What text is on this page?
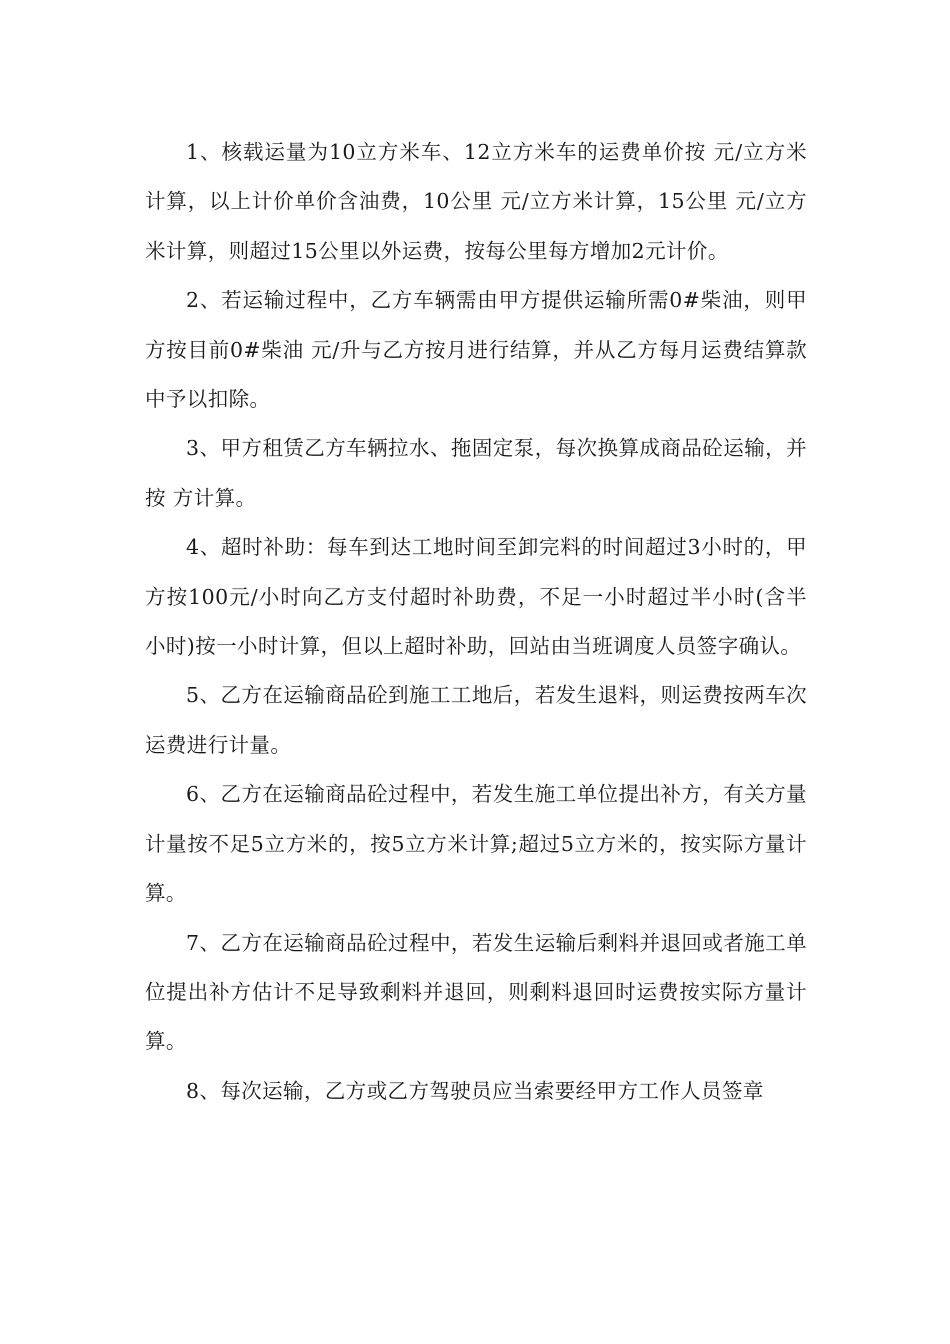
1、核载运量为10立方米车、12立方米车的运费单价按 元/立方米计算，以上计价单价含油费，10公里 元/立方米计算，15公里 元/立方米计算，则超过15公里以外运费，按每公里每方增加2元计价。

2、若运输过程中，乙方车辆需由甲方提供运输所需0#柴油，则甲方按目前0#柴油 元/升与乙方按月进行结算，并从乙方每月运费结算款中予以扣除。

3、甲方租赁乙方车辆拉水、拖固定泵，每次换算成商品砼运输，并按 方计算。

4、超时补助：每车到达工地时间至卸完料的时间超过3小时的，甲方按100元/小时向乙方支付超时补助费，不足一小时超过半小时(含半小时)按一小时计算，但以上超时补助，回站由当班调度人员签字确认。

5、乙方在运输商品砼到施工工地后，若发生退料，则运费按两车次运费进行计量。

6、乙方在运输商品砼过程中，若发生施工单位提出补方，有关方量计量按不足5立方米的，按5立方米计算;超过5立方米的，按实际方量计算。

7、乙方在运输商品砼过程中，若发生运输后剩料并退回或者施工单位提出补方估计不足导致剩料并退回，则剩料退回时运费按实际方量计算。

8、每次运输，乙方或乙方驾驶员应当索要经甲方工作人员签章
